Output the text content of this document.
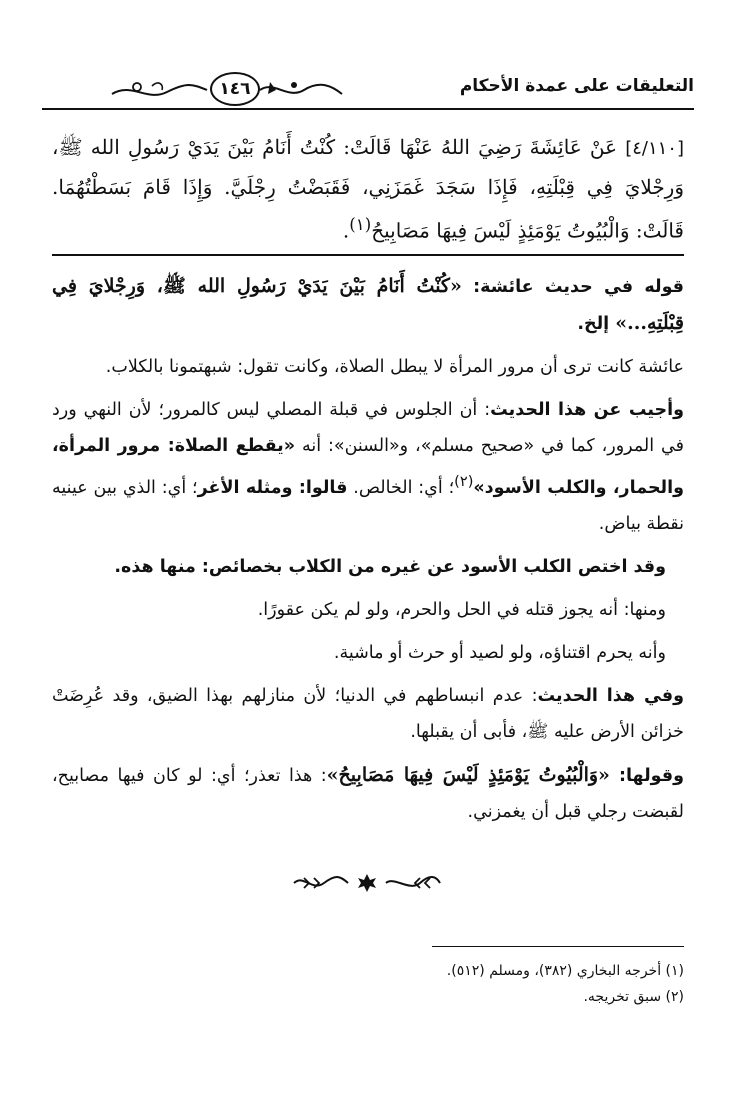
التعليقات على عمدة الأحكام
١٤٦
[٤/١١٠] عَنْ عَائِشَةَ رَضِيَ اللهُ عَنْهَا قَالَتْ: كُنْتُ أَنَامُ بَيْنَ يَدَيْ رَسُولِ الله ﷺ، وَرِجْلايَ فِي قِبْلَتِهِ، فَإِذَا سَجَدَ غَمَزَنِي، فَقَبَضْتُ رِجْلَيَّ. وَإِذَا قَامَ بَسَطْتُهُمَا. قَالَتْ: وَالْبُيُوتُ يَوْمَئِذٍ لَيْسَ فِيهَا مَصَابِيحُ$^{(١)}$.

قوله في حديث عائشة: «كُنْتُ أَنَامُ بَيْنَ يَدَيْ رَسُولِ الله ﷺ، وَرِجْلايَ فِي قِبْلَتِهِ...» إلخ.

عائشة كانت ترى أن مرور المرأة لا يبطل الصلاة، وكانت تقول: شبهتمونا بالكلاب.

وأجيب عن هذا الحديث: أن الجلوس في قبلة المصلي ليس كالمرور؛ لأن النهي ورد في المرور، كما في «صحيح مسلم»، و«السنن»: أنه «يقطع الصلاة: مرور المرأة، والحمار، والكلب الأسود»$^{(٢)}$؛ أي: الخالص. قالوا: ومثله الأغر؛ أي: الذي بين عينيه نقطة بياض.

وقد اختص الكلب الأسود عن غيره من الكلاب بخصائص: منها هذه.

ومنها: أنه يجوز قتله في الحل والحرم، ولو لم يكن عقورًا.

وأنه يحرم اقتناؤه، ولو لصيد أو حرث أو ماشية.

وفي هذا الحديث: عدم انبساطهم في الدنيا؛ لأن منازلهم بهذا الضيق، وقد عُرِضَتْ خزائن الأرض عليه ﷺ، فأبى أن يقبلها.

وقولها: «وَالْبُيُوتُ يَوْمَئِذٍ لَيْسَ فِيهَا مَصَابِيحُ»: هذا تعذر؛ أي: لو كان فيها مصابيح، لقبضت رجلي قبل أن يغمزني.

(١) أخرجه البخاري (٣٨٢)، ومسلم (٥١٢).
(٢) سبق تخريجه.
